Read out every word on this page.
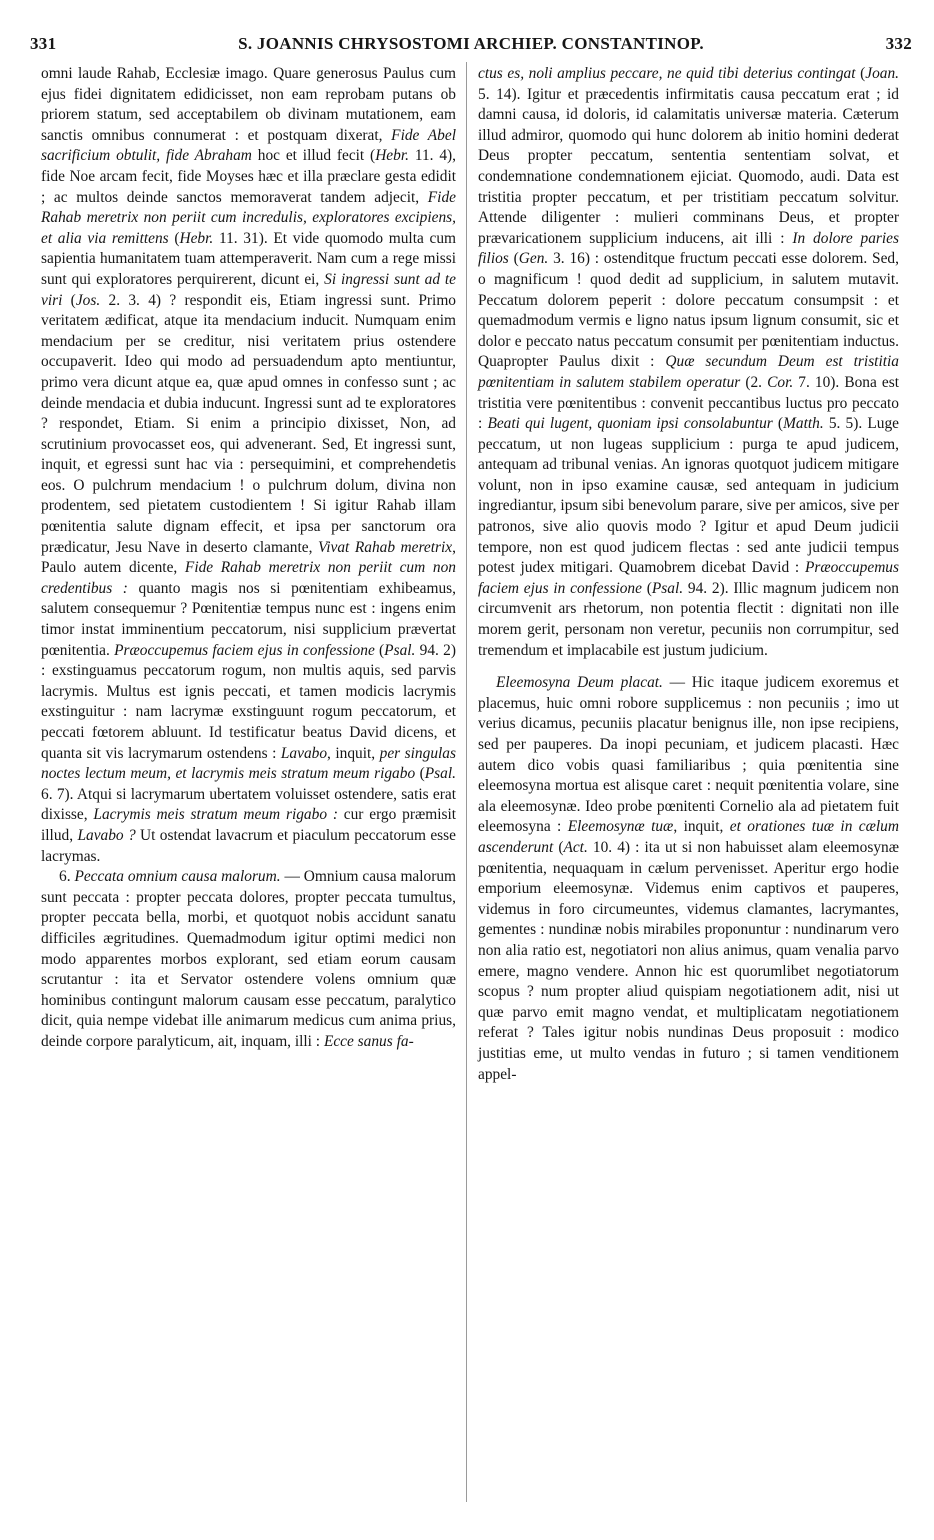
331	S. JOANNIS CHRYSOSTOMI ARCHIEP. CONSTANTINOP.	332

omni laude Rahab, Ecclesiæ imago. Quare generosus Paulus cum ejus fidei dignitatem edidicisset, non eam reprobam putans ob priorem statum, sed acceptabilem ob divinam mutationem, eam sanctis omnibus connumerat : et postquam dixerat, Fide Abel sacrificium obtulit, fide Abraham hoc et illud fecit (Hebr. 11. 4), fide Noe arcam fecit, fide Moyses hæc et illa præclare gesta edidit ; ac multos deinde sanctos memoraverat tandem adjecit, Fide Rahab meretrix non periit cum incredulis, exploratores excipiens, et alia via remittens (Hebr. 11. 31). Et vide quomodo multa cum sapientia humanitatem tuam attemperaverit. Nam cum a rege missi sunt qui exploratores perquirerent, dicunt ei, Si ingressi sunt ad te viri (Jos. 2. 3. 4) ? respondit eis, Etiam ingressi sunt. Primo veritatem ædificat, atque ita mendacium inducit. Numquam enim mendacium per se creditur, nisi veritatem prius ostendere occupaverit. Ideo qui modo ad persuadendum apto mentiuntur, primo vera dicunt atque ea, quæ apud omnes in confesso sunt ; ac deinde mendacia et dubia inducunt. Ingressi sunt ad te exploratores ? respondet, Etiam. Si enim a principio dixisset, Non, ad scrutinium provocasset eos, qui advenerant. Sed, Et ingressi sunt, inquit, et egressi sunt hac via : persequimini, et comprehendetis eos. O pulchrum mendacium ! o pulchrum dolum, divina non prodentem, sed pietatem custodientem ! Si igitur Rahab illam pœnitentia salute dignam effecit, et ipsa per sanctorum ora prædicatur, Jesu Nave in deserto clamante, Vivat Rahab meretrix, Paulo autem dicente, Fide Rahab meretrix non periit cum non credentibus : quanto magis nos si pœnitentiam exhibeamus, salutem consequemur ? Pœnitentiæ tempus nunc est : ingens enim timor instat imminentium peccatorum, nisi supplicium prævertat pœnitentia. Præoccupemus faciem ejus in confessione (Psal. 94. 2) : exstinguamus peccatorum rogum, non multis aquis, sed parvis lacrymis. Multus est ignis peccati, et tamen modicis lacrymis exstinguitur : nam lacrymæ exstinguunt rogum peccatorum, et peccati fœtorem abluunt. Id testificatur beatus David dicens, et quanta sit vis lacrymarum ostendens : Lavabo, inquit, per singulas noctes lectum meum, et lacrymis meis stratum meum rigabo (Psal. 6. 7). Atqui si lacrymarum ubertatem voluisset ostendere, satis erat dixisse, Lacrymis meis stratum meum rigabo : cur ergo præmisit illud, Lavabo ? Ut ostendat lavacrum et piaculum peccatorum esse lacrymas.

6. Peccata omnium causa malorum. — Omnium causa malorum sunt peccata : propter peccata dolores, propter peccata tumultus, propter peccata bella, morbi, et quotquot nobis accidunt sanatu difficiles ægritudines. Quemadmodum igitur optimi medici non modo apparentes morbos explorant, sed etiam eorum causam scrutantur : ita et Servator ostendere volens omnium quæ hominibus contingunt malorum causam esse peccatum, paralytico dicit, quia nempe videbat ille animarum medicus cum anima prius, deinde corpore paralyticum, ait, inquam, illi : Ecce sanus fa-

ctus es, noli amplius peccare, ne quid tibi deterius contingat (Joan. 5. 14). Igitur et præcedentis infirmitatis causa peccatum erat ; id damni causa, id doloris, id calamitatis universæ materia. Cæterum illud admiror, quomodo qui hunc dolorem ab initio homini dederat Deus propter peccatum, sententia sententiam solvat, et condemnatione condemnationem ejiciat. Quomodo, audi. Data est tristitia propter peccatum, et per tristitiam peccatum solvitur. Attende diligenter : mulieri comminans Deus, et propter prævaricationem supplicium inducens, ait illi : In dolore paries filios (Gen. 3. 16) : ostenditque fructum peccati esse dolorem. Sed, o magnificum ! quod dedit ad supplicium, in salutem mutavit. Peccatum dolorem peperit : dolore peccatum consumpsit : et quemadmodum vermis e ligno natus ipsum lignum consumit, sic et dolor e peccato natus peccatum consumit per pœnitentiam inductus. Quapropter Paulus dixit : Quæ secundum Deum est tristitia pœnitentiam in salutem stabilem operatur (2. Cor. 7. 10). Bona est tristitia vere pœnitentibus : convenit peccantibus luctus pro peccato : Beati qui lugent, quoniam ipsi consolabuntur (Matth. 5. 5). Luge peccatum, ut non lugeas supplicium : purga te apud judicem, antequam ad tribunal venias. An ignoras quotquot judicem mitigare volunt, non in ipso examine causæ, sed antequam in judicium ingrediantur, ipsum sibi benevolum parare, sive per amicos, sive per patronos, sive alio quovis modo ? Igitur et apud Deum judicii tempore, non est quod judicem flectas : sed ante judicii tempus potest judex mitigari. Quamobrem dicebat David : Præoccupemus faciem ejus in confessione (Psal. 94. 2). Illic magnum judicem non circumvenit ars rhetorum, non potentia flectit : dignitati non ille morem gerit, personam non veretur, pecuniis non corrumpitur, sed tremendum et implacabile est justum judicium.

Eleemosyna Deum placat. — Hic itaque judicem exoremus et placemus, huic omni robore supplicemus : non pecuniis ; imo ut verius dicamus, pecuniis placatur benignus ille, non ipse recipiens, sed per pauperes. Da inopi pecuniam, et judicem placasti. Hæc autem dico vobis quasi familiaribus ; quia pœnitentia sine eleemosyna mortua est alisque caret : nequit pœnitentia volare, sine ala eleemosynæ. Ideo probe pœnitenti Cornelio ala ad pietatem fuit eleemosyna : Eleemosynæ tuæ, inquit, et orationes tuæ in cælum ascenderunt (Act. 10. 4) : ita ut si non habuisset alam eleemosynæ pœnitentia, nequaquam in cælum pervenisset. Aperitur ergo hodie emporium eleemosynæ. Videmus enim captivos et pauperes, videmus in foro circumeuntes, videmus clamantes, lacrymantes, gementes : nundinæ nobis mirabiles proponuntur : nundinarum vero non alia ratio est, negotiatori non alius animus, quam venalia parvo emere, magno vendere. Annon hic est quorumlibet negotiatorum scopus ? num propter aliud quispiam negotiationem adit, nisi ut quæ parvo emit magno vendat, et multiplicatam negotiationem referat ? Tales igitur nobis nundinas Deus proposuit : modico justitias eme, ut multo vendas in futuro ; si tamen venditionem appel-
